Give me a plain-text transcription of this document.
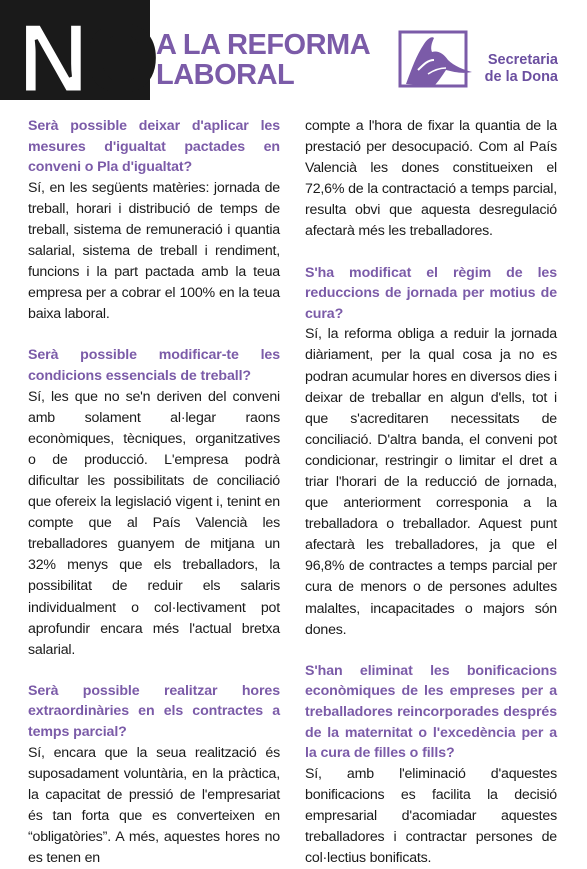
NO A LA REFORMA
LABORAL	Secretaria
de la Dona

Serà possible deixar d'aplicar les mesures d'igualtat pactades en conveni o Pla d'igualtat?

Sí, en les següents matèries: jornada de treball, horari i distribució de temps de treball, sistema de remuneració i quantia salarial, sistema de treball i rendiment, funcions i la part pactada amb la teua empresa per a cobrar el 100% en la teua baixa laboral.

Serà possible modificar-te les condicions essencials de treball?

Sí, les que no se'n deriven del conveni amb solament al·legar raons econòmiques, tècniques, organitzatives o de producció. L'empresa podrà dificultar les possibilitats de conciliació que ofereix la legislació vigent i, tenint en compte que al País Valencià les treballadores guanyem de mitjana un 32% menys que els treballadors, la possibilitat de reduir els salaris individualment o col·lectivament pot aprofundir encara més l'actual bretxa salarial.

Serà possible realitzar hores extraordinàries en els contractes a temps parcial?

Sí, encara que la seua realització és suposadament voluntària, en la pràctica, la capacitat de pressió de l'empresariat és tan forta que es converteixen en “obligatòries”. A més, aquestes hores no es tenen en

compte a l'hora de fixar la quantia de la prestació per desocupació. Com al País Valencià les dones constitueixen el 72,6% de la contractació a temps parcial, resulta obvi que aquesta desregulació afectarà més les treballadores.

S'ha modificat el règim de les reduccions de jornada per motius de cura?

Sí, la reforma obliga a reduir la jornada diàriament, per la qual cosa ja no es podran acumular hores en diversos dies i deixar de treballar en algun d'ells, tot i que s'acreditaren necessitats de conciliació. D'altra banda, el conveni pot condicionar, restringir o limitar el dret a triar l'horari de la reducció de jornada, que anteriorment corresponia a la treballadora o treballador. Aquest punt afectarà les treballadores, ja que el 96,8% de contractes a temps parcial per cura de menors o de persones adultes malaltes, incapacitades o majors són dones.

S'han eliminat les bonificacions econòmiques de les empreses per a treballadores reincorporades després de la maternitat o l'excedència per a la cura de filles o fills?

Sí, amb l'eliminació d'aquestes bonificacions es facilita la decisió empresarial d'acomiadar aquestes treballadores i contractar persones de col·lectius bonificats.
